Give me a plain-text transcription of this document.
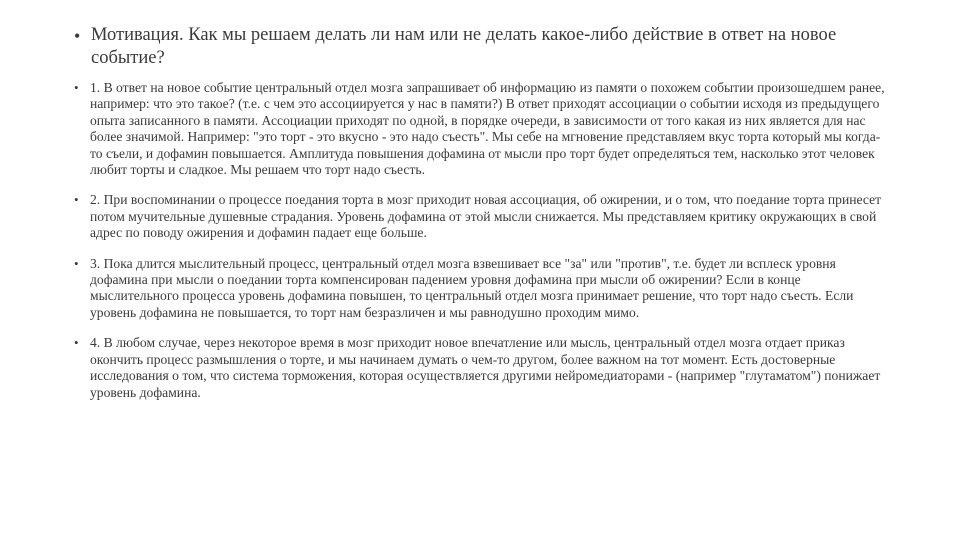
• Мотивация. Как мы решаем делать ли нам или не делать какое-либо действие в ответ на новое событие?
• 1. В ответ на новое событие центральный отдел мозга запрашивает об информацию из памяти о похожем событии произошедшем ранее, например: что это такое? (т.е. с чем это ассоциируется у нас в памяти?) В ответ приходят ассоциации о событии исходя из предыдущего опыта записанного в памяти. Ассоциации приходят по одной, в порядке очереди, в зависимости от того какая из них является для нас более значимой. Например: "это торт - это вкусно - это надо съесть". Мы себе на мгновение представляем вкус торта который мы когда-то съели, и дофамин повышается. Амплитуда повышения дофамина от мысли про торт будет определяться тем, насколько этот человек любит торты и сладкое. Мы решаем что торт надо съесть.
• 2. При воспоминании о процессе поедания торта в мозг приходит новая ассоциация, об ожирении, и о том, что поедание торта принесет потом мучительные душевные страдания. Уровень дофамина от этой мысли снижается. Мы представляем критику окружающих в свой адрес по поводу ожирения и дофамин падает еще больше.
• 3. Пока длится мыслительный процесс, центральный отдел мозга взвешивает все "за" или "против", т.е. будет ли всплеск уровня дофамина при мысли о поедании торта компенсирован падением уровня дофамина при мысли об ожирении? Если в конце мыслительного процесса уровень дофамина повышен, то центральный отдел мозга принимает решение, что торт надо съесть. Если уровень дофамина не повышается, то торт нам безразличен и мы равнодушно проходим мимо.
• 4. В любом случае, через некоторое время в мозг приходит новое впечатление или мысль, центральный отдел мозга отдает приказ окончить процесс размышления о торте, и мы начинаем думать о чем-то другом, более важном на тот момент. Есть достоверные исследования о том, что система торможения, которая осуществляется другими нейромедиаторами - (например "глутаматом") понижает уровень дофамина.
